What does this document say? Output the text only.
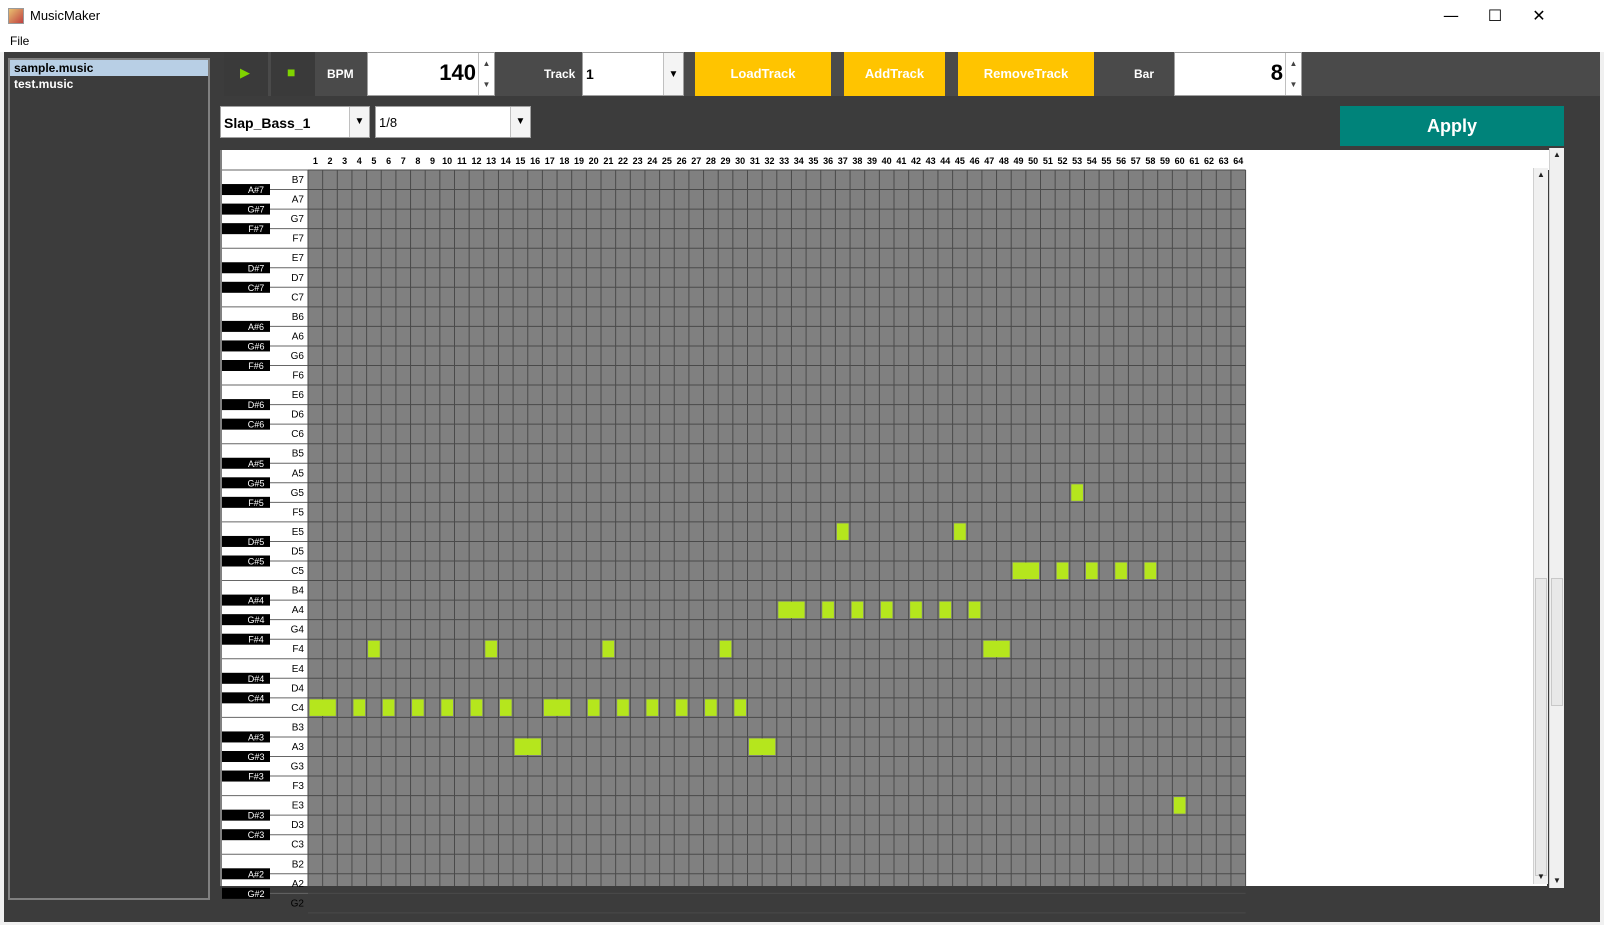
MusicMaker	—	☐	✕
File
sample.music
test.music
▶	■	BPM	140 ▲
▼
Track 1	▼	LoadTrack	AddTrack	RemoveTrack	Bar	8 ▲
▼
Slap_Bass_1	▼	1/8	▼	Apply
B7
A7
G7
F7
E7
D7
C7
B6
A6
G6
F6
E6
D6
C6
B5
A5
G5
F5
E5
D5
C5
B4
A4
G4
F4
E4
D4
C4
B3
A3
G3
F3
E3
D3
C3
B2
A2
G2
A#7
G#7
F#7
D#7
C#7
A#6
G#6
F#6
D#6
C#6
A#5
G#5
F#5
D#5
C#5
A#4
G#4
F#4
D#4
C#4
A#3
G#3
F#3
D#3
C#3
A#2
G#2
1 2 3 4 5 6 7 8 9 10 11 12 13 14 15 16 17 18 19 20 21 22 23 24 25 26 27 28 29 30 31 32 33 34 35 36 37 38 39 40 41 42 43 44 45 46 47 48 49 50 51 52 53 54 55 56 57 58 59 60 61 62 63 64
▲
▼
▲
▼
